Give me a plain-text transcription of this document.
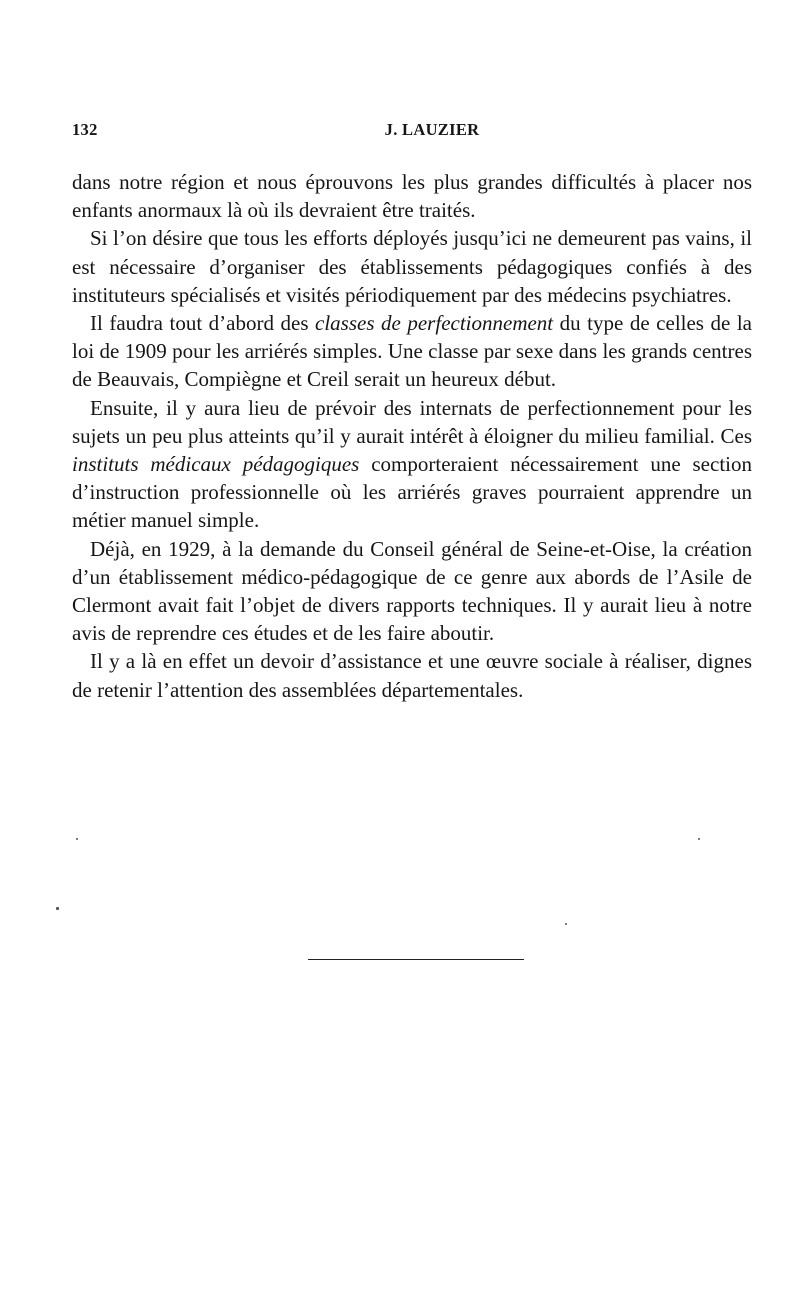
132	J. LAUZIER

dans notre région et nous éprouvons les plus grandes difficultés à placer nos enfants anormaux là où ils devraient être traités.

Si l’on désire que tous les efforts déployés jusqu’ici ne demeurent pas vains, il est nécessaire d’organiser des établissements pédagogiques confiés à des instituteurs spécialisés et visités périodiquement par des médecins psychiatres.

Il faudra tout d’abord des classes de perfectionnement du type de celles de la loi de 1909 pour les arriérés simples. Une classe par sexe dans les grands centres de Beauvais, Compiègne et Creil serait un heureux début.

Ensuite, il y aura lieu de prévoir des internats de perfectionnement pour les sujets un peu plus atteints qu’il y aurait intérêt à éloigner du milieu familial. Ces instituts médicaux pédagogiques comporteraient nécessairement une section d’instruction professionnelle où les arriérés graves pourraient apprendre un métier manuel simple.

Déjà, en 1929, à la demande du Conseil général de Seine-et-Oise, la création d’un établissement médico-pédagogique de ce genre aux abords de l’Asile de Clermont avait fait l’objet de divers rapports techniques. Il y aurait lieu à notre avis de reprendre ces études et de les faire aboutir.

Il y a là en effet un devoir d’assistance et une œuvre sociale à réaliser, dignes de retenir l’attention des assemblées départementales.
